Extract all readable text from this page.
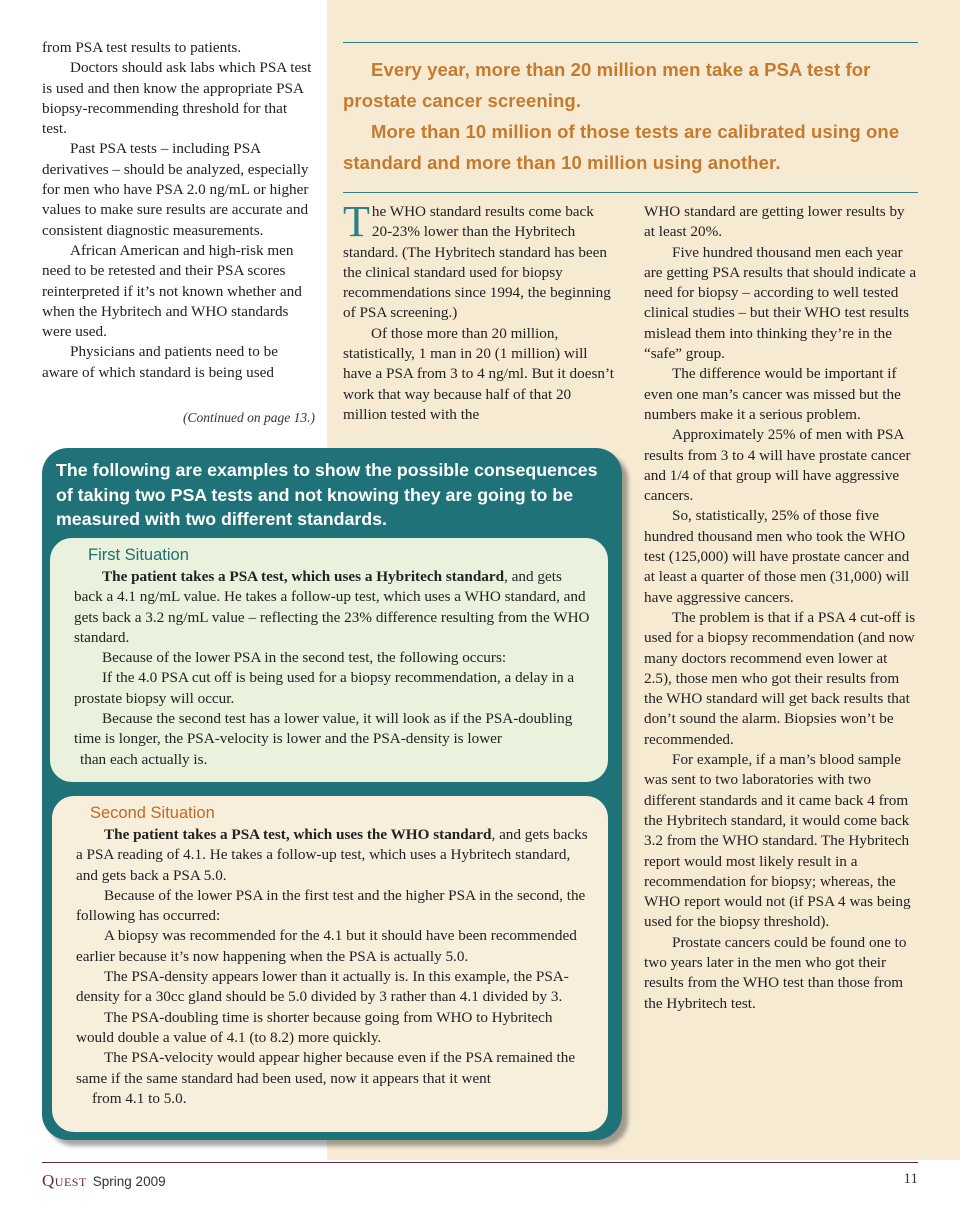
from PSA test results to patients.

Doctors should ask labs which PSA test is used and then know the appropriate PSA biopsy-recommending threshold for that test.

Past PSA tests – including PSA derivatives – should be analyzed, especially for men who have PSA 2.0 ng/mL or higher values to make sure results are accurate and consistent diagnostic measurements.

African American and high-risk men need to be retested and their PSA scores reinterpreted if it’s not known whether and when the Hybritech and WHO standards were used.

Physicians and patients need to be aware of which standard is being used

(Continued on page 13.)

Every year, more than 20 million men take a PSA test for prostate cancer screening.

More than 10 million of those tests are calibrated using one standard and more than 10 million using another.

The WHO standard results come back 20-23% lower than the Hybritech standard. (The Hybritech standard has been the clinical standard used for biopsy recommendations since 1994, the beginning of PSA screening.)

Of those more than 20 million, statistically, 1 man in 20 (1 million) will have a PSA from 3 to 4 ng/ml. But it doesn’t work that way because half of that 20 million tested with the

WHO standard are getting lower results by at least 20%.

Five hundred thousand men each year are getting PSA results that should indicate a need for biopsy – according to well tested clinical studies – but their WHO test results mislead them into thinking they’re in the “safe” group.

The difference would be important if even one man’s cancer was missed but the numbers make it a serious problem.

Approximately 25% of men with PSA results from 3 to 4 will have prostate cancer and 1/4 of that group will have aggressive cancers.

So, statistically, 25% of those five hundred thousand men who took the WHO test (125,000) will have prostate cancer and at least a quarter of those men (31,000) will have aggressive cancers.

The problem is that if a PSA 4 cut-off is used for a biopsy recommendation (and now many doctors recommend even lower at 2.5), those men who got their results from the WHO standard will get back results that don’t sound the alarm. Biopsies won’t be recommended.

For example, if a man’s blood sample was sent to two laboratories with two different standards and it came back 4 from the Hybritech standard, it would come back 3.2 from the WHO standard. The Hybritech report would most likely result in a recommendation for biopsy; whereas, the WHO report would not (if PSA 4 was being used for the biopsy threshold).

Prostate cancers could be found one to two years later in the men who got their results from the WHO test than those from the Hybritech test.

The following are examples to show the possible consequences of taking two PSA tests and not knowing they are going to be measured with two different standards.
First Situation

The patient takes a PSA test, which uses a Hybritech standard, and gets back a 4.1 ng/mL value. He takes a follow-up test, which uses a WHO standard, and gets back a 3.2 ng/mL value – reflecting the 23% difference resulting from the WHO standard.

Because of the lower PSA in the second test, the following occurs:

If the 4.0 PSA cut off is being used for a biopsy recommendation, a delay in a prostate biopsy will occur.

Because the second test has a lower value, it will look as if the PSA-doubling time is longer, the PSA-velocity is lower and the PSA-density is lower

than each actually is.

Second Situation

The patient takes a PSA test, which uses the WHO standard, and gets backs a PSA reading of 4.1. He takes a follow-up test, which uses a Hybritech standard, and gets back a PSA 5.0.

Because of the lower PSA in the first test and the higher PSA in the second, the following has occurred:

A biopsy was recommended for the 4.1 but it should have been recommended earlier because it’s now happening when the PSA is actually 5.0.

The PSA-density appears lower than it actually is. In this example, the PSA-density for a 30cc gland should be 5.0 divided by 3 rather than 4.1 divided by 3.

The PSA-doubling time is shorter because going from WHO to Hybritech would double a value of 4.1 (to 8.2) more quickly.

The PSA-velocity would appear higher because even if the PSA remained the same if the same standard had been used, now it appears that it went

from 4.1 to 5.0.

Quest Spring 2009	11
